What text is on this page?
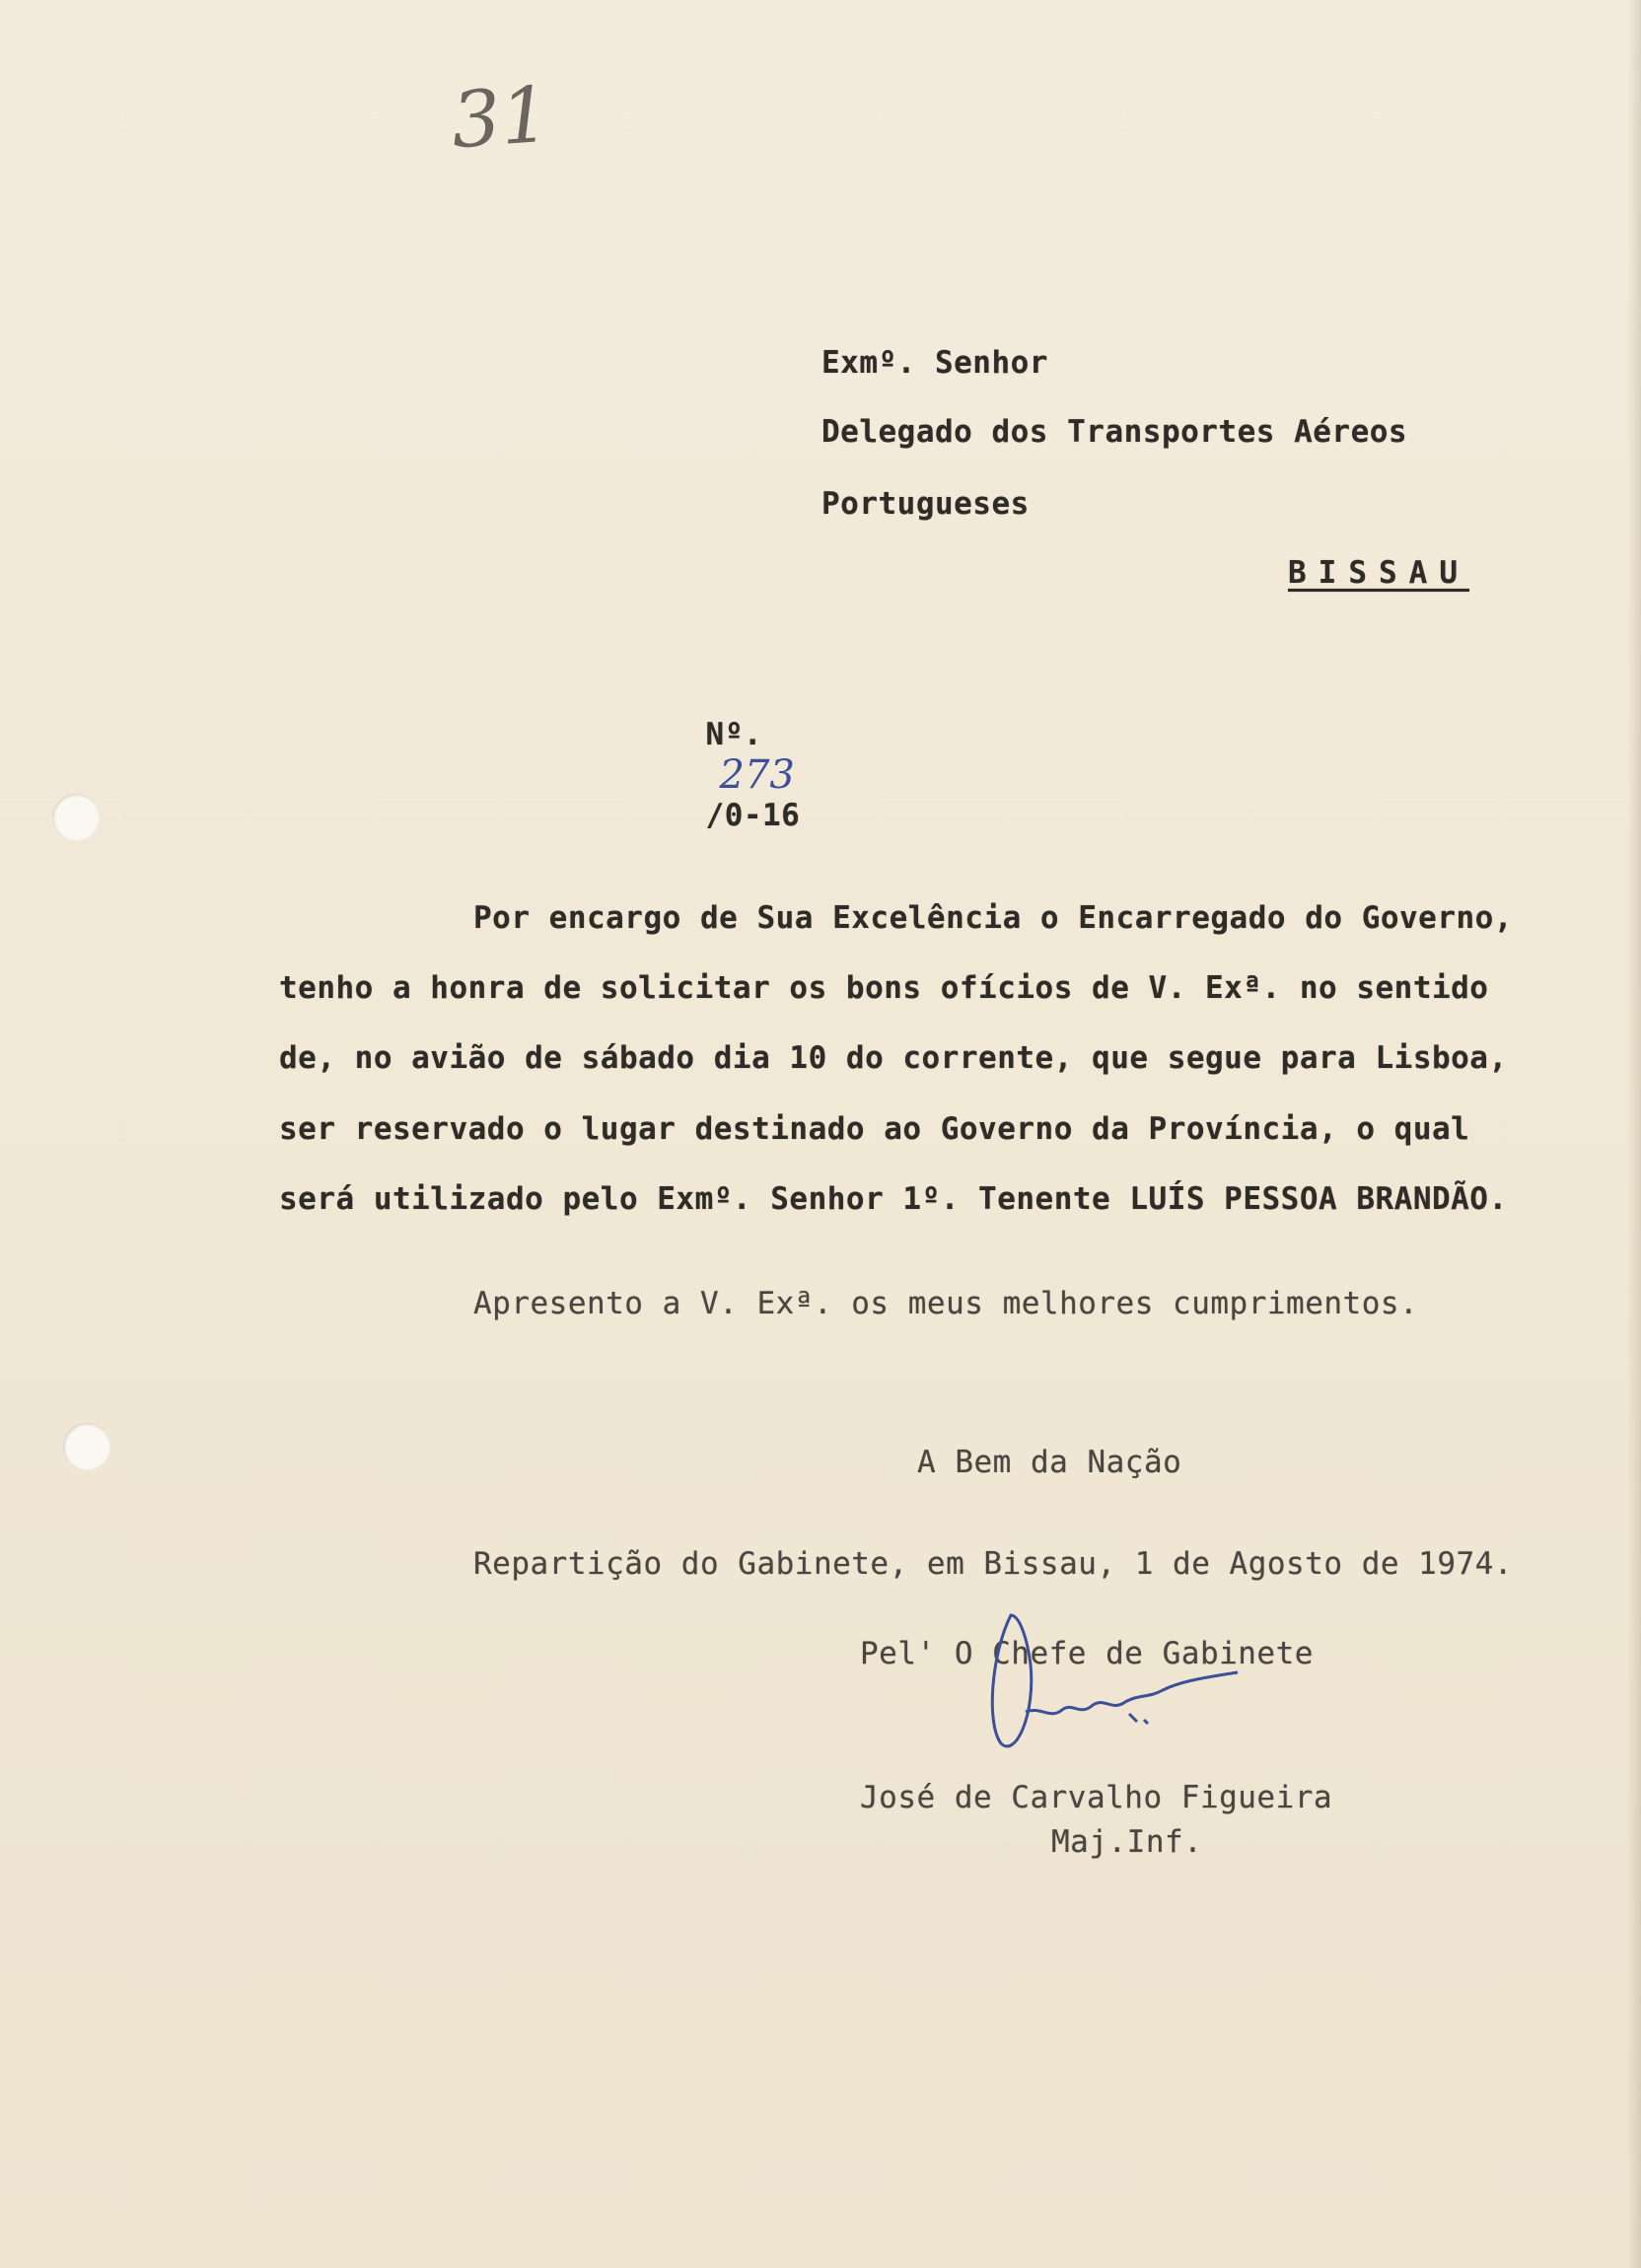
31
Exmº. Senhor
Delegado dos Transportes Aéreos
Portugueses
BISSAU

Nº.
273
/0-16

Por encargo de Sua Excelência o Encarregado do Governo,
tenho a honra de solicitar os bons ofícios de V. Exª. no sentido
de, no avião de sábado dia 10 do corrente, que segue para Lisboa,
ser reservado o lugar destinado ao Governo da Província, o qual
será utilizado pelo Exmº. Senhor 1º. Tenente LUÍS PESSOA BRANDÃO.
Apresento a V. Exª. os meus melhores cumprimentos.
A Bem da Nação
Repartição do Gabinete, em Bissau, 1 de Agosto de 1974.
Pel' O Chefe de Gabinete
José de Carvalho Figueira
Maj.Inf.
